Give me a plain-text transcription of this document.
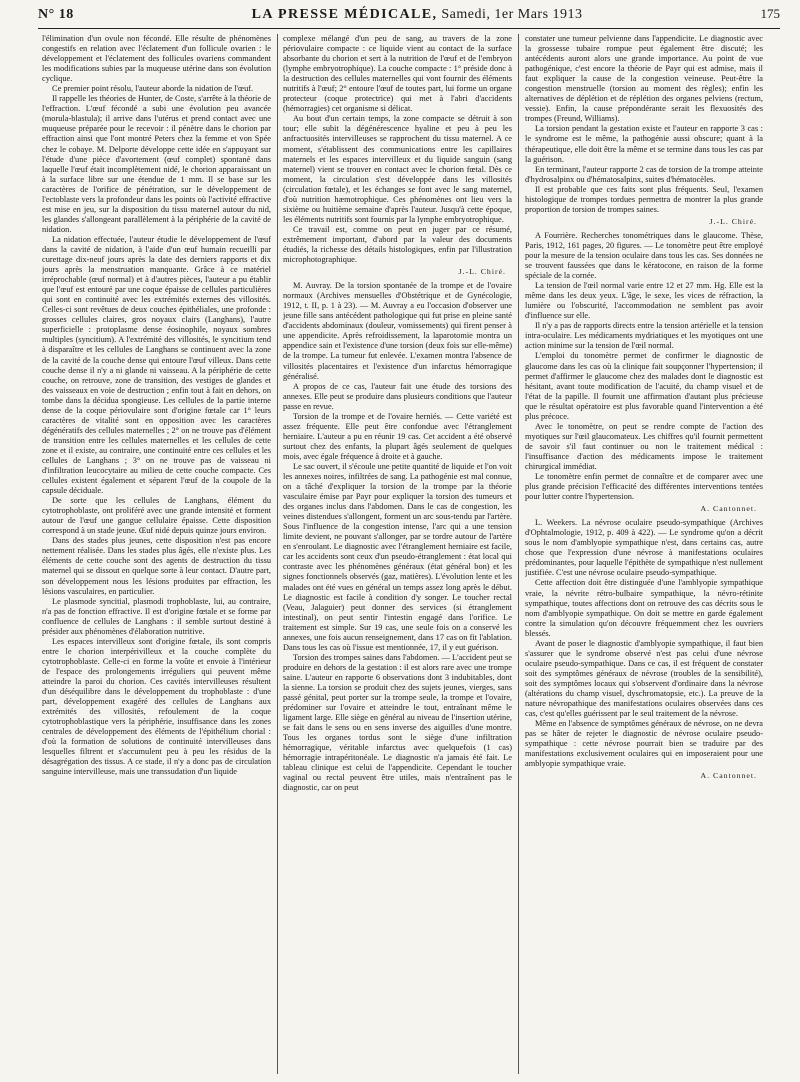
N° 18	LA PRESSE MÉDICALE, Samedi, 1er Mars 1913	175

l'élimination d'un ovule non fécondé. Elle résulte de phénomènes congestifs en relation avec l'éclatement d'un follicule ovarien : le développement et l'éclatement des follicules ovariens commandent les modifications subies par la muqueuse utérine dans son évolution cyclique.

Ce premier point résolu, l'auteur aborde la nidation de l'œuf.

Il rappelle les théories de Hunter, de Coste, s'arrête à la théorie de l'effraction. L'œuf fécondé a subi une évolution peu avancée (morula-blastula); il arrive dans l'utérus et prend contact avec une muqueuse préparée pour le recevoir : il pénètre dans le chorion par effraction ainsi que l'ont montré Peters chez la femme et von Spée chez le cobaye. M. Delporte développe cette idée en s'appuyant sur l'étude d'une pièce d'avortement (œuf complet) spontané dans laquelle l'œuf était incomplètement nidé, le chorion apparaissant un à la surface libre sur une étendue de 1 mm. Il se base sur les caractères de l'orifice de pénétration, sur le développement de l'ectoblaste vers la profondeur dans les points où l'activité effractive est mise en jeu, sur la disposition du tissu maternel autour du nid, les glandes s'allongeant parallèlement à la périphérie de la cavité de nidation.

La nidation effectuée, l'auteur étudie le développement de l'œuf dans la cavité de nidation, à l'aide d'un œuf humain recueilli par curettage dix-neuf jours après la date des derniers rapports et dix jours après la menstruation manquante. Grâce à ce matériel irréprochable (œuf normal) et à d'autres pièces, l'auteur a pu établir que l'œuf est entouré par une coque épaisse de cellules particulières qui sont en continuité avec les extrémités externes des villosités. Celles-ci sont revêtues de deux couches épithéliales, une profonde : grosses cellules claires, gros noyaux clairs (Langhans), l'autre superficielle : protoplasme dense éosinophile, noyaux sombres multiples (syncitium). A l'extrémité des villosités, le syncitium tend à disparaître et les cellules de Langhans se continuent avec la zone de la cavité de la couche dense qui entoure l'œuf villeux. Dans cette couche dense il n'y a ni glande ni vaisseau. A la périphérie de cette couche, on retrouve, zone de transition, des vestiges de glandes et des vaisseaux en voie de destruction ; enfin tout à fait en dehors, on tombe dans la décidua spongieuse. Les cellules de la partie interne dense de la coque périovulaire sont d'origine fœtale car 1° leurs caractères de vitalité sont en opposition avec les caractères dégénératifs des cellules maternelles ; 2° on ne trouve pas d'élément de transition entre les cellules maternelles et les cellules de cette zone et il existe, au contraire, une continuité entre ces cellules et les cellules de Langhans ; 3° on ne trouve pas de vaisseau ni d'infiltration leucocytaire au milieu de cette couche compacte. Ces cellules existent également et séparent l'œuf de la coupole de la capsule déciduale.

De sorte que les cellules de Langhans, élément du cytotrophoblaste, ont proliféré avec une grande intensité et forment autour de l'œuf une gangue cellulaire épaisse. Cette disposition correspond à un stade jeune. Œuf nidé depuis quinze jours environ.

Dans des stades plus jeunes, cette disposition n'est pas encore nettement réalisée. Dans les stades plus âgés, elle n'existe plus. Les éléments de cette couche sont des agents de destruction du tissu maternel qui se dissout en quelque sorte à leur contact. D'autre part, son développement nous les lésions produites par effraction, les lésions vasculaires, en particulier.

Le plasmode syncitial, plasmodi trophoblaste, lui, au contraire, n'a pas de fonction effractive. Il est d'origine fœtale et se forme par confluence de cellules de Langhans : il semble surtout destiné à présider aux phénomènes d'élaboration nutritive.

Les espaces intervilleux sont d'origine fœtale, ils sont compris entre le chorion interpérivilleux et la couche complète du cytotrophoblaste. Celle-ci en forme la voûte et envoie à l'intérieur de l'espace des prolongements irréguliers qui peuvent même atteindre la paroi du chorion. Ces cavités intervilleuses résultent d'un déséquilibre dans le développement du trophoblaste : d'une part, développement exagéré des cellules de Langhans aux extrémités des villosités, refoulement de la coque cytotrophoblastique vers la périphérie, insuffisance dans les zones centrales de développement des éléments de l'épithélium chorial : d'où la formation de solutions de continuité intervilleuses dans lesquelles filtrent et s'accumulent peu à peu les résidus de la désagrégation des tissus. A ce stade, il n'y a donc pas de circulation sanguine intervilleuse, mais une transsudation d'un liquide

complexe mélangé d'un peu de sang, au travers de la zone périovulaire compacte : ce liquide vient au contact de la surface absorbante du chorion et sert à la nutrition de l'œuf et de l'embryon (lymphe embryotrophique). La couche compacte : 1° préside donc à la destruction des cellules maternelles qui vont fournir des éléments nutritifs à l'œuf; 2° entoure l'œuf de toutes part, lui forme un organe protecteur (coque protectrice) qui met à l'abri d'accidents (hémorragies) cet organisme si délicat.

Au bout d'un certain temps, la zone compacte se détruit à son tour; elle subit la dégénérescence hyaline et peu à peu les anfractuosités intervilleuses se rapprochent du tissu maternel. A ce moment, s'établissent des communications entre les capillaires maternels et les espaces intervilleux et du liquide sanguin (sang maternel) vient se trouver en contact avec le chorion fœtal. Dès ce moment, la circulation s'est développée dans les villosités (circulation fœtale), et les échanges se font avec le sang maternel, d'où nutrition hæmotrophique. Ces phénomènes ont lieu vers la sixième ou huitième semaine d'après l'auteur. Jusqu'à cette époque, les éléments nutritifs sont fournis par la lymphe embryotrophique.

Ce travail est, comme on peut en juger par ce résumé, extrêmement important, d'abord par la valeur des documents étudiés, la richesse des détails histologiques, enfin par l'illustration microphotographique.

J.-L. Chiré.

M. Auvray. De la torsion spontanée de la trompe et de l'ovaire normaux (Archives mensuelles d'Obstétrique et de Gynécologie, 1912, t. II, p. 1 à 23). — M. Auvray a eu l'occasion d'observer une jeune fille sans antécédent pathologique qui fut prise en pleine santé d'accidents abdominaux (douleur, vomissements) qui firent penser à une appendicite. Après refroidissement, la laparotomie montra un appendice sain et l'existence d'une torsion (deux fois sur elle-même) de la trompe. La tumeur fut enlevée. L'examen montra l'absence de villosités placentaires et l'existence d'un infarctus hémorragique généralisé.

A propos de ce cas, l'auteur fait une étude des torsions des annexes. Elle peut se produire dans plusieurs conditions que l'auteur passe en revue.

Torsion de la trompe et de l'ovaire herniés. — Cette variété est assez fréquente. Elle peut être confondue avec l'étranglement herniaire. L'auteur a pu en réunir 19 cas. Cet accident a été observé surtout chez des enfants, la plupart âgés seulement de quelques mois, avec égale fréquence à droite et à gauche.

Le sac ouvert, il s'écoule une petite quantité de liquide et l'on voit les annexes noires, infiltrées de sang. La pathogénie est mal connue, on a tâché d'expliquer la torsion de la trompe par la théorie vasculaire émise par Payr pour expliquer la torsion des tumeurs et des organes inclus dans l'abdomen. Dans le cas de congestion, les veines distendues s'allongent, forment un arc sous-tendu par l'artère. Sous l'influence de la congestion intense, l'arc qui a une tension limite devient, ne pouvant s'allonger, par se tordre autour de l'artère en s'enroulant. Le diagnostic avec l'étranglement herniaire est facile, car les accidents sont ceux d'un pseudo-étranglement : état local qui contraste avec les phénomènes généraux (état général bon) et les signes fonctionnels observés (gaz, matières). L'évolution lente et les malades ont été vues en général un temps assez long après le début. Le diagnostic est facile à condition d'y songer. Le toucher rectal (Veau, Jalaguier) peut donner des services (si étranglement intestinal), on peut sentir l'intestin engagé dans l'orifice. Le traitement est simple. Sur 19 cas, une seule fois on a conservé les annexes, une fois aucun renseignement, dans 17 cas on fit l'ablation. Dans tous les cas où l'issue est mentionnée, 17, il y eut guérison.

Torsion des trompes saines dans l'abdomen. — L'accident peut se produire en dehors de la gestation : il est alors rare avec une trompe saine. L'auteur en rapporte 6 observations dont 3 indubitables, dont la sienne. La torsion se produit chez des sujets jeunes, vierges, sans passé génital, peut porter sur la trompe seule, la trompe et l'ovaire, prédominer sur l'ovaire et atteindre le tout, entraînant même le ligament large. Elle siège en général au niveau de l'insertion utérine, se fait dans le sens ou en sens inverse des aiguilles d'une montre. Tous les organes tordus sont le siège d'une infiltration hémorragique, véritable infarctus avec quelquefois (1 cas) hémorragie intrapéritonéale. Le diagnostic n'a jamais été fait. Le tableau clinique est celui de l'appendicite. Cependant le toucher vaginal ou rectal peuvent être utiles, mais n'entraînent pas le diagnostic, car on peut

constater une tumeur pelvienne dans l'appendicite. Le diagnostic avec la grossesse tubaire rompue peut également être discuté; les antécédents auront alors une grande importance. Au point de vue pathogénique, c'est encore la théorie de Payr qui est admise, mais il faut expliquer la cause de la congestion veineuse. Peut-être la congestion menstruelle (torsion au moment des règles); enfin les alternatives de déplétion et de réplétion des organes pelviens (rectum, vessie). Enfin, la cause prépondérante serait les flexuosités des trompes (Freund, Williams).

La torsion pendant la gestation existe et l'auteur en rapporte 3 cas : le syndrome est le même, la pathogénie aussi obscure; quant à la thérapeutique, elle doit être la même et se termine dans tous les cas par la guérison.

En terminant, l'auteur rapporte 2 cas de torsion de la trompe atteinte d'hydrosalpinx ou d'hématosalpinx, suites d'hématocèles.

Il est probable que ces faits sont plus fréquents. Seul, l'examen histologique de trompes tordues permettra de montrer la plus grande proportion de torsion de trompes saines.

J.-L. Chiré.

A Fourrière. Recherches tonométriques dans le glaucome. Thèse, Paris, 1912, 161 pages, 20 figures. — Le tonomètre peut être employé pour la mesure de la tension oculaire dans tous les cas. Ses données ne se trouvent faussées que dans le kératocone, en raison de la forme spéciale de la cornée.

La tension de l'œil normal varie entre 12 et 27 mm. Hg. Elle est la même dans les deux yeux. L'âge, le sexe, les vices de réfraction, la lumière ou l'obscurité, l'accommodation ne semblent pas avoir d'influence sur elle.

Il n'y a pas de rapports directs entre la tension artérielle et la tension intra-oculaire. Les médicaments mydriatiques et les myotiques ont une action minime sur la tension de l'œil normal.

L'emploi du tonomètre permet de confirmer le diagnostic de glaucome dans les cas où la clinique fait soupçonner l'hypertension; il permet d'affirmer le glaucome chez des malades dont le diagnostic est hésitant, avant toute modification de l'acuité, du champ visuel et de l'état de la papille. Il fournit une affirmation d'autant plus précieuse que le résultat opératoire est plus favorable quand l'intervention a été plus précoce.

Avec le tonomètre, on peut se rendre compte de l'action des myotiques sur l'œil glaucomateux. Les chiffres qu'il fournit permettent de savoir s'il faut continuer ou non le traitement médical : l'insuffisance d'action des médicaments impose le traitement chirurgical immédiat.

Le tonomètre enfin permet de connaître et de comparer avec une plus grande précision l'efficacité des différentes interventions tentées pour lutter contre l'hypertension.

A. Cantonnet.

L. Weekers. La névrose oculaire pseudo-sympathique (Archives d'Ophtalmologie, 1912, p. 409 à 422). — Le syndrome qu'on a décrit sous le nom d'amblyopie sympathique n'est, dans certains cas, autre chose que l'expression d'une névrose à manifestations oculaires prédominantes, pour laquelle l'épithète de sympathique n'est nullement justifiée. C'est une névrose oculaire pseudo-sympathique.

Cette affection doit être distinguée d'une l'amblyopie sympathique vraie, la névrite rétro-bulbaire sympathique, la névro-rétinite sympathique, toutes affections dont on retrouve des cas décrits sous le nom d'amblyopie sympathique. On doit se mettre en garde également contre la simulation qu'on découvre fréquemment chez les ouvriers blessés.

Avant de poser le diagnostic d'amblyopie sympathique, il faut bien s'assurer que le syndrome observé n'est pas celui d'une névrose oculaire pseudo-sympathique. Dans ce cas, il est fréquent de constater soit des symptômes généraux de névrose (troubles de la sensibilité), soit des symptômes locaux qui s'observent d'ordinaire dans la névrose (altérations du champ visuel, dyschromatopsie, etc.). La preuve de la nature névropathique des manifestations oculaires observées dans ces cas, c'est qu'elles guérissent par le seul traitement de la névrose.

Même en l'absence de symptômes généraux de névrose, on ne devra pas se hâter de rejeter le diagnostic de névrose oculaire pseudo-sympathique : cette névrose pourrait bien se traduire par des manifestations exclusivement oculaires qui en imposeraient pour une amblyopie sympathique vraie.

A. Cantonnet.
